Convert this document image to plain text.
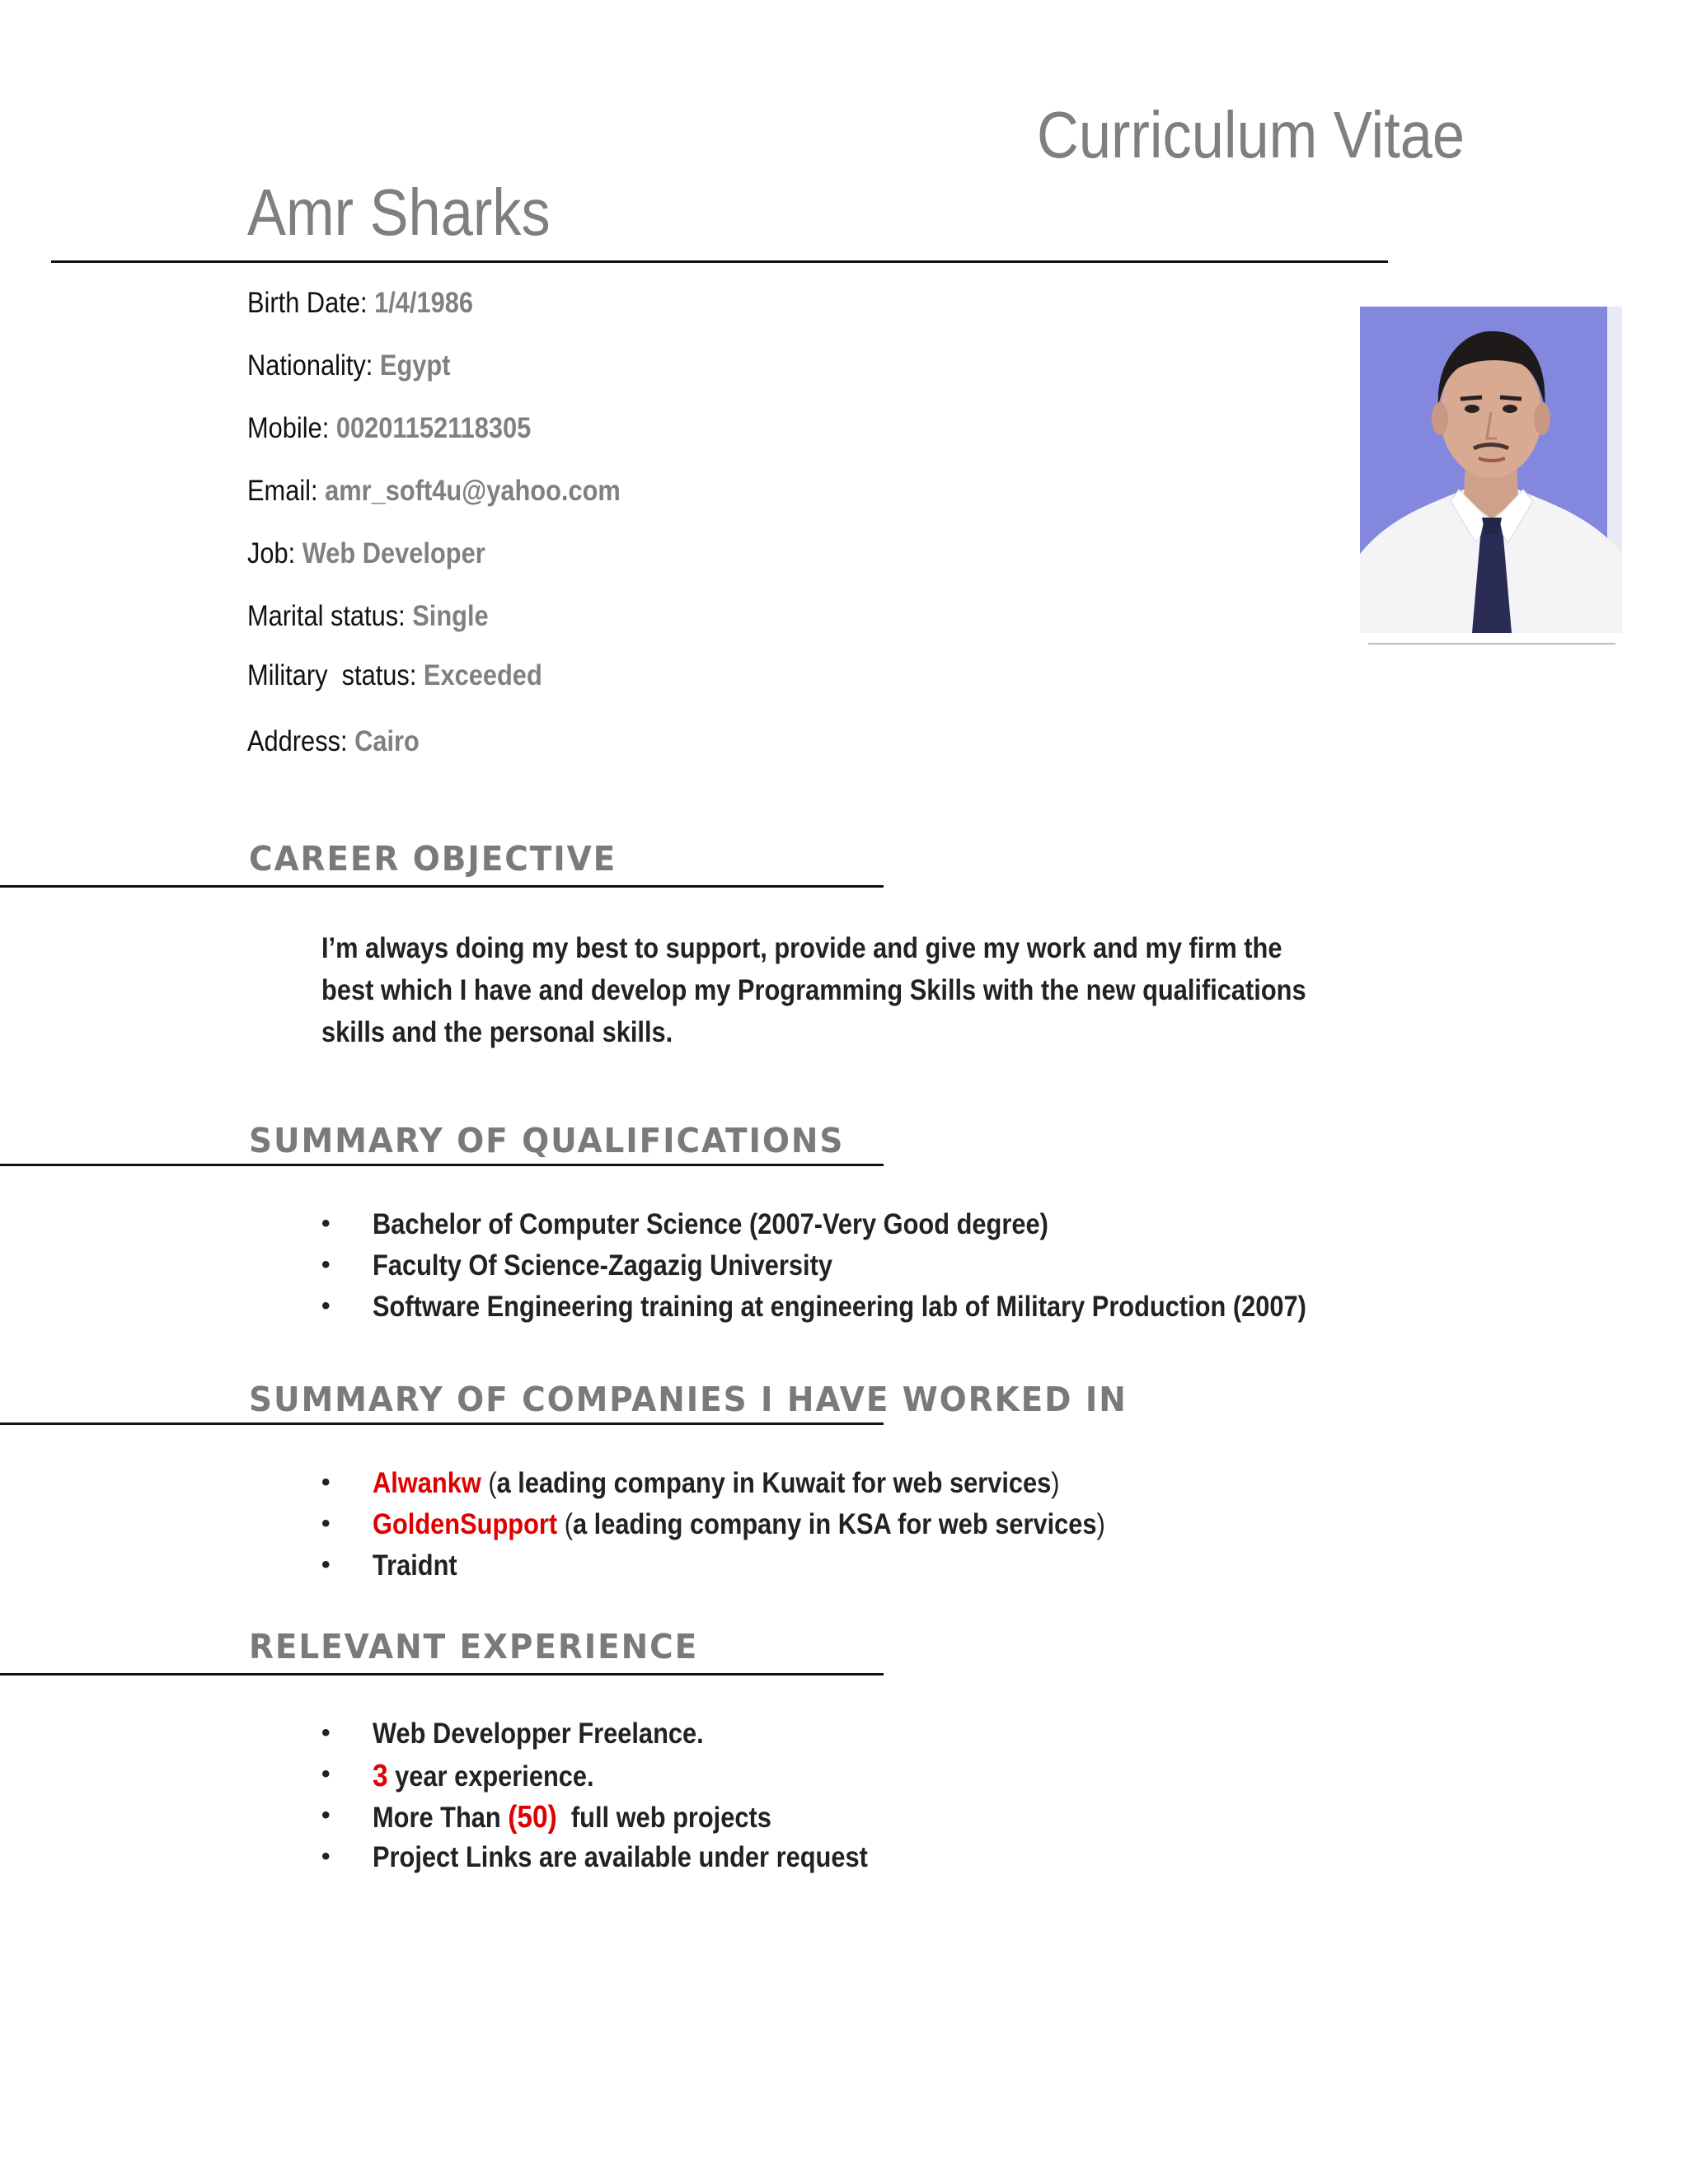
Curriculum Vitae
Amr Sharks
Birth Date: 1/4/1986
Nationality: Egypt
Mobile: 00201152118305
Email: amr_soft4u@yahoo.com
Job: Web Developer
Marital status: Single
Military  status: Exceeded
Address: Cairo
CAREER OBJECTIVE
I’m always doing my best to support, provide and give my work and my firm the best which I have and develop my Programming Skills with the new qualifications skills and the personal skills.
SUMMARY OF QUALIFICATIONS
• Bachelor of Computer Science (2007-Very Good degree)
• Faculty Of Science-Zagazig University
• Software Engineering training at engineering lab of Military Production (2007)
SUMMARY OF COMPANIES I HAVE WORKED IN
• Alwankw (a leading company in Kuwait for web services)
• GoldenSupport (a leading company in KSA for web services)
• Traidnt
RELEVANT EXPERIENCE
• Web Developper Freelance.
• 3 year experience.
• More Than (50)  full web projects
• Project Links are available under request
